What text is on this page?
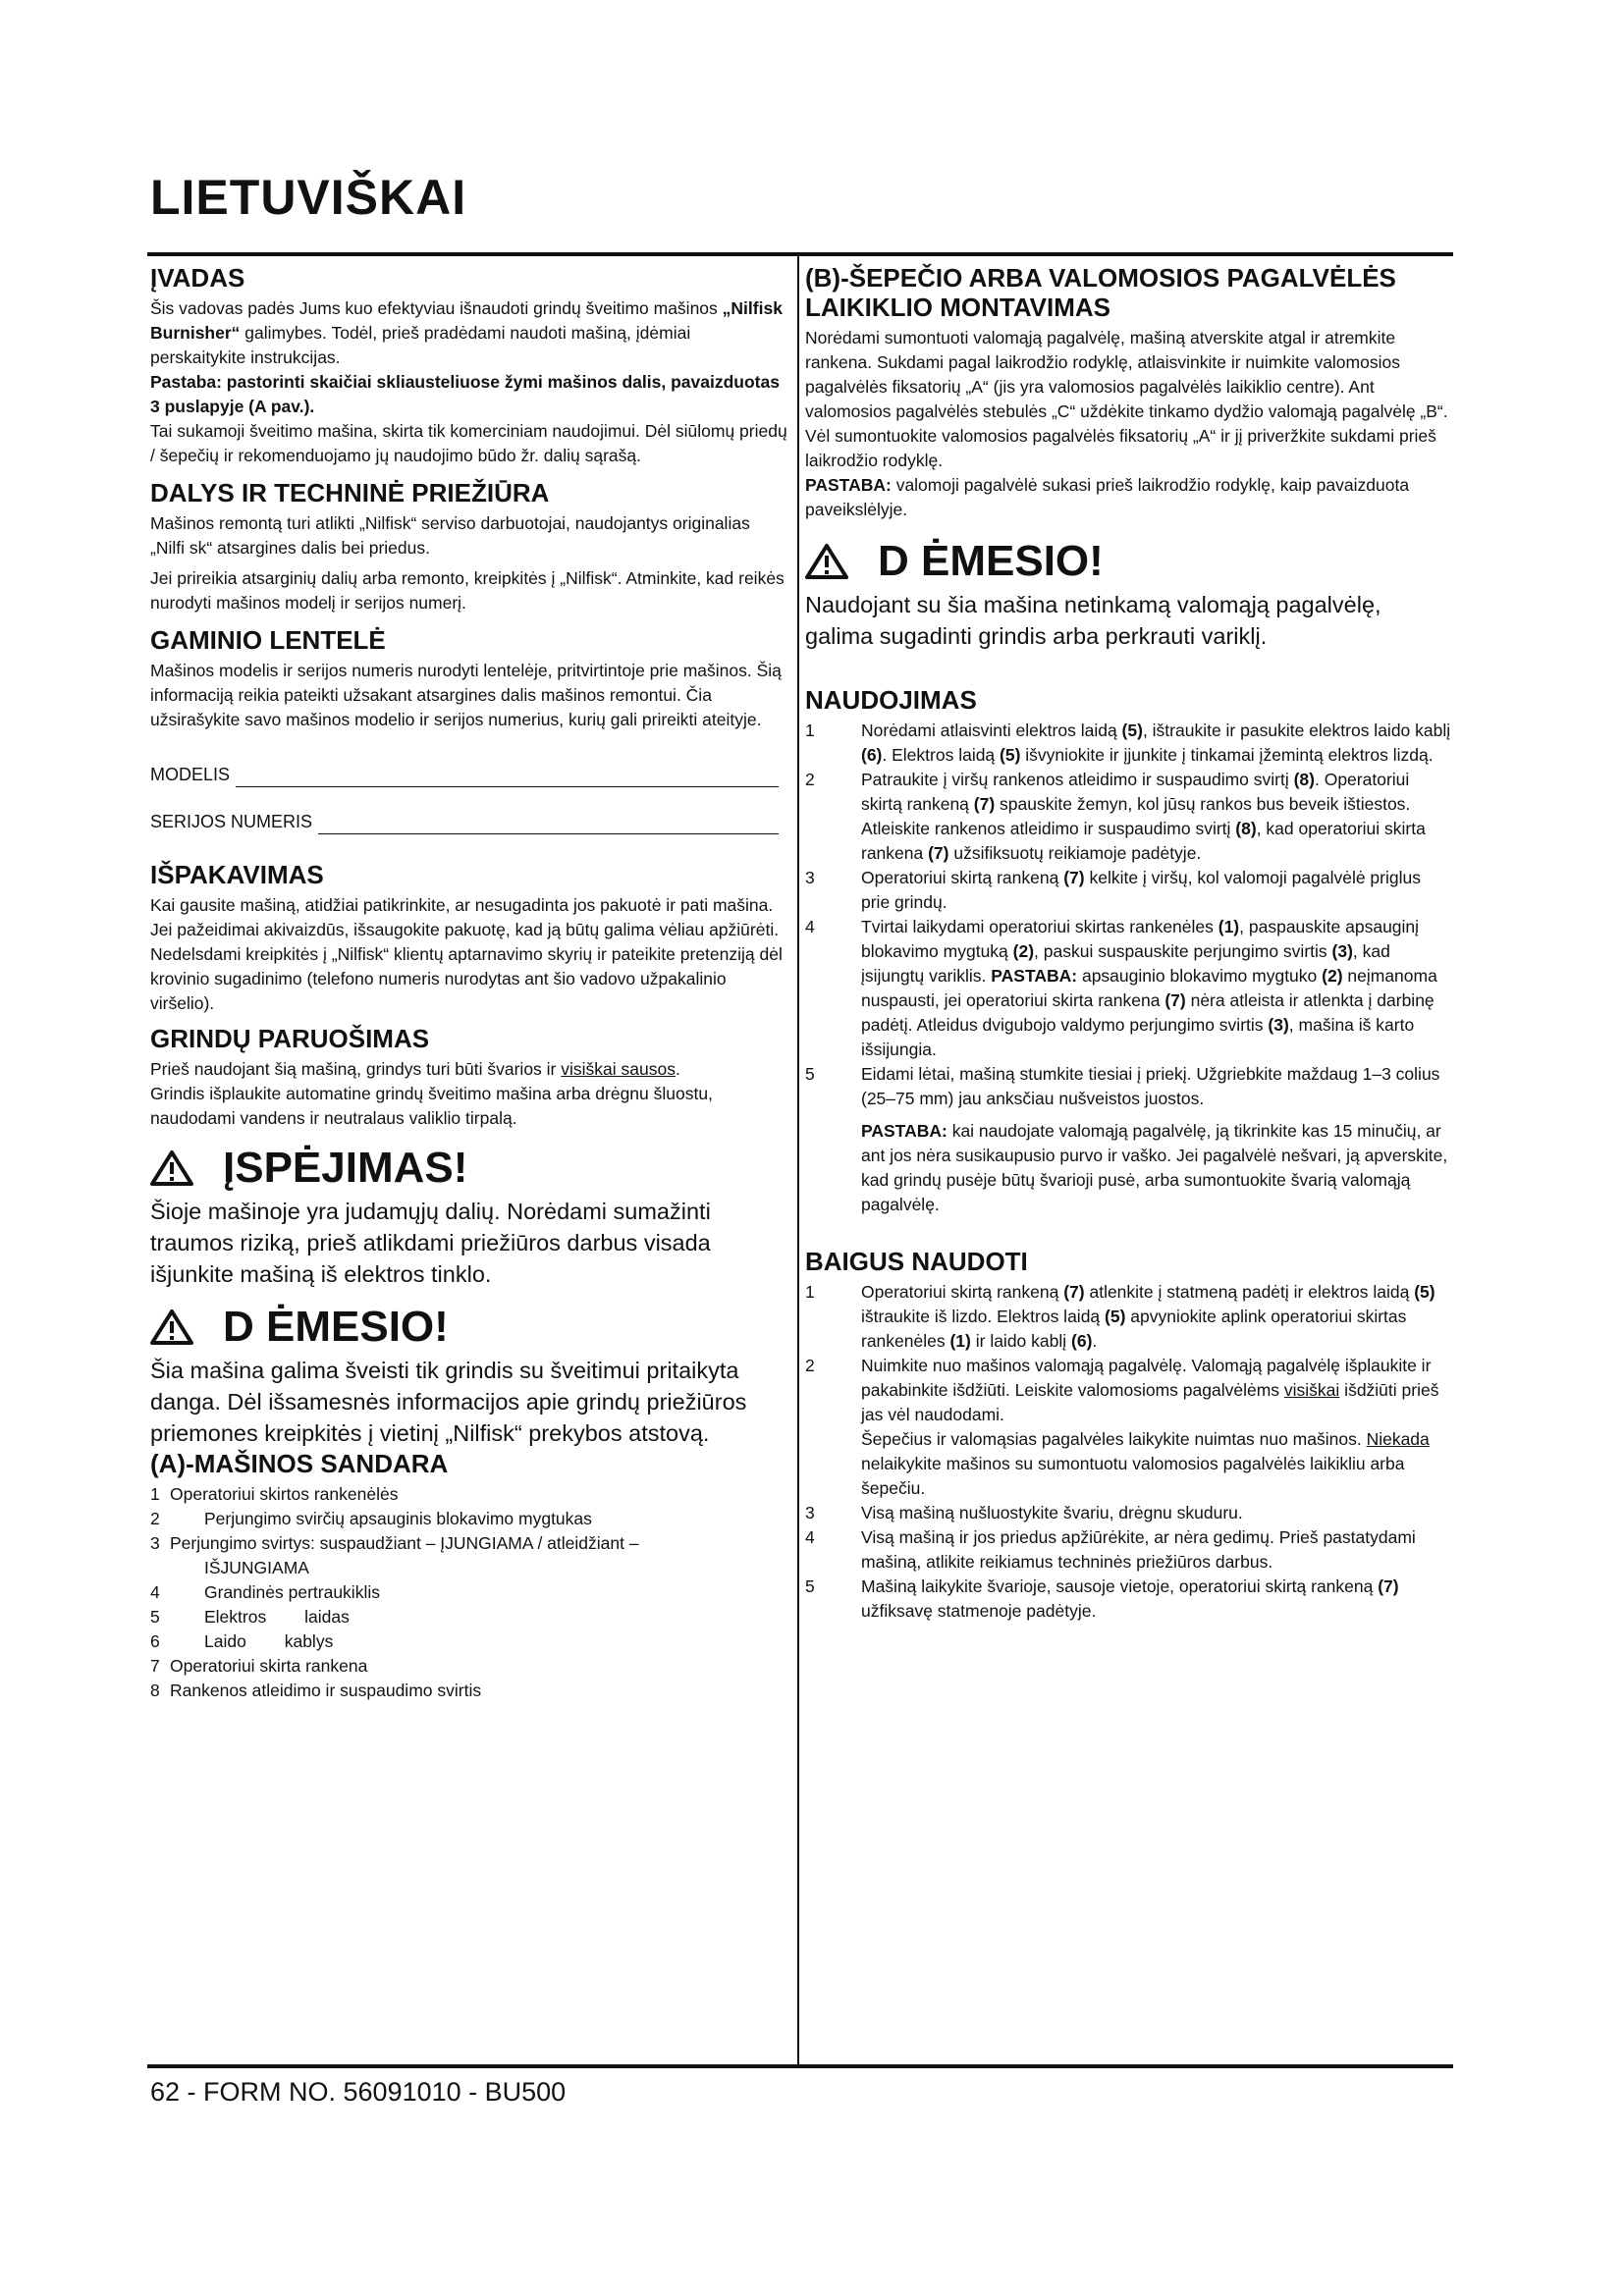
LIETUVIŠKAI
ĮVADAS

Šis vadovas padės Jums kuo efektyviau išnaudoti grindų šveitimo mašinos „Nilfisk Burnisher“ galimybes. Todėl, prieš pradėdami naudoti mašiną, įdėmiai perskaitykite instrukcijas.

Pastaba: pastorinti skaičiai skliausteliuose žymi mašinos dalis, pavaizduotas 3 puslapyje (A pav.).

Tai sukamoji šveitimo mašina, skirta tik komerciniam naudojimui. Dėl siūlomų priedų / šepečių ir rekomenduojamo jų naudojimo būdo žr. dalių sąrašą.

DALYS IR TECHNINĖ PRIEŽIŪRA

Mašinos remontą turi atlikti „Nilfisk“ serviso darbuotojai, naudojantys originalias „Nilfi sk“ atsargines dalis bei priedus.

Jei prireikia atsarginių dalių arba remonto, kreipkitės į „Nilfisk“. Atminkite, kad reikės nurodyti mašinos modelį ir serijos numerį.

GAMINIO LENTELĖ

Mašinos modelis ir serijos numeris nurodyti lentelėje, pritvirtintoje prie mašinos. Šią informaciją reikia pateikti užsakant atsargines dalis mašinos remontui. Čia užsirašykite savo mašinos modelio ir serijos numerius, kurių gali prireikti ateityje.

MODELIS
SERIJOS NUMERIS
IŠPAKAVIMAS

Kai gausite mašiną, atidžiai patikrinkite, ar nesugadinta jos pakuotė ir pati mašina. Jei pažeidimai akivaizdūs, išsaugokite pakuotę, kad ją būtų galima vėliau apžiūrėti. Nedelsdami kreipkitės į „Nilfisk“ klientų aptarnavimo skyrių ir pateikite pretenziją dėl krovinio sugadinimo (telefono numeris nurodytas ant šio vadovo užpakalinio viršelio).

GRINDŲ PARUOŠIMAS

Prieš naudojant šią mašiną, grindys turi būti švarios ir visiškai sausos.

Grindis išplaukite automatine grindų šveitimo mašina arba drėgnu šluostu, naudodami vandens ir neutralaus valiklio tirpalą.

ĮSPĖJIMAS!

Šioje mašinoje yra judamųjų dalių. Norėdami sumažinti traumos riziką, prieš atlikdami priežiūros darbus visada išjunkite mašiną iš elektros tinklo.

D ĖMESIO!

Šia mašina galima šveisti tik grindis su šveitimui pritaikyta danga. Dėl išsamesnės informacijos apie grindų priežiūros priemones kreipkitės į vietinį „Nilfisk“ prekybos atstovą.

(A)-MAŠINOS SANDARA
1 Operatoriui skirtos rankenėlės
2	Perjungimo svirčių apsauginis blokavimo mygtukas
3 Perjungimo svirtys: suspaudžiant – ĮJUNGIAMA / atleidžiant –
IŠJUNGIAMA
4	Grandinės pertraukiklis
5	Elektros        laidas
6	Laido        kablys
7 Operatoriui skirta rankena
8 Rankenos atleidimo ir suspaudimo svirtis
(B)-ŠEPEČIO ARBA VALOMOSIOS PAGALVĖLĖS
LAIKIKLIO MONTAVIMAS

Norėdami sumontuoti valomąją pagalvėlę, mašiną atverskite atgal ir atremkite rankena. Sukdami pagal laikrodžio rodyklę, atlaisvinkite ir nuimkite valomosios pagalvėlės fiksatorių „A“ (jis yra valomosios pagalvėlės laikiklio centre). Ant valomosios pagalvėlės stebulės „C“ uždėkite tinkamo dydžio valomąją pagalvėlę „B“. Vėl sumontuokite valomosios pagalvėlės fiksatorių „A“ ir jį priveržkite sukdami prieš laikrodžio rodyklę.

PASTABA: valomoji pagalvėlė sukasi prieš laikrodžio rodyklę, kaip pavaizduota paveikslėlyje.

D ĖMESIO!

Naudojant su šia mašina netinkamą valomąją pagalvėlę, galima sugadinti grindis arba perkrauti variklį.

NAUDOJIMAS
1	Norėdami atlaisvinti elektros laidą (5), ištraukite ir pasukite elektros laido kablį (6). Elektros laidą (5) išvyniokite ir įjunkite į tinkamai įžemintą elektros lizdą.
2	Patraukite į viršų rankenos atleidimo ir suspaudimo svirtį (8). Operatoriui skirtą rankeną (7) spauskite žemyn, kol jūsų rankos bus beveik ištiestos. Atleiskite rankenos atleidimo ir suspaudimo svirtį (8), kad operatoriui skirta rankena (7) užsifiksuotų reikiamoje padėtyje.
3	Operatoriui skirtą rankeną (7) kelkite į viršų, kol valomoji pagalvėlė priglus prie grindų.
4	Tvirtai laikydami operatoriui skirtas rankenėles (1), paspauskite apsauginį blokavimo mygtuką (2), paskui suspauskite perjungimo svirtis (3), kad įsijungtų variklis. PASTABA: apsauginio blokavimo mygtuko (2) neįmanoma nuspausti, jei operatoriui skirta rankena (7) nėra atleista ir atlenkta į darbinę padėtį. Atleidus dvigubojo valdymo perjungimo svirtis (3), mašina iš karto išsijungia.
5	Eidami lėtai, mašiną stumkite tiesiai į priekį. Užgriebkite maždaug 1–3 colius (25–75 mm) jau anksčiau nušveistos juostos.
PASTABA: kai naudojate valomąją pagalvėlę, ją tikrinkite kas 15 minučių, ar ant jos nėra susikaupusio purvo ir vaško. Jei pagalvėlė nešvari, ją apverskite, kad grindų pusėje būtų švarioji pusė, arba sumontuokite švarią valomąją pagalvėlę.
BAIGUS NAUDOTI
1	Operatoriui skirtą rankeną (7) atlenkite į statmeną padėtį ir elektros laidą (5) ištraukite iš lizdo. Elektros laidą (5) apvyniokite aplink operatoriui skirtas rankenėles (1) ir laido kablį (6).
2	Nuimkite nuo mašinos valomąją pagalvėlę. Valomąją pagalvėlę išplaukite ir pakabinkite išdžiūti. Leiskite valomosioms pagalvėlėms visiškai išdžiūti prieš jas vėl naudodami.
Šepečius ir valomąsias pagalvėles laikykite nuimtas nuo mašinos. Niekada nelaikykite mašinos su sumontuotu valomosios pagalvėlės laikikliu arba šepečiu.
3	Visą mašiną nušluostykite švariu, drėgnu skuduru.
4	Visą mašiną ir jos priedus apžiūrėkite, ar nėra gedimų. Prieš pastatydami mašiną, atlikite reikiamus techninės priežiūros darbus.
5	Mašiną laikykite švarioje, sausoje vietoje, operatoriui skirtą rankeną (7) užfiksavę statmenoje padėtyje.
62 - FORM NO. 56091010 - BU500
